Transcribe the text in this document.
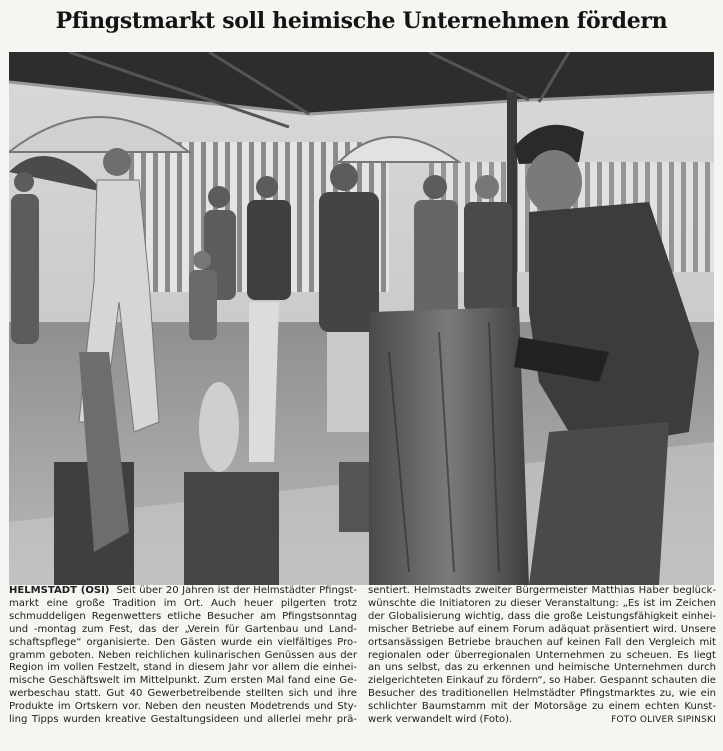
Pfingstmarkt soll heimische Unternehmen fördern
HELMSTADT (OSI) Seit über 20 Jahren ist der Helmstädter Pfingst-
markt eine große Tradition im Ort. Auch heuer pilgerten trotz
schmuddeligen Regenwetters etliche Besucher am Pfingstsonntag
und -montag zum Fest, das der „Verein für Gartenbau und Land-
schaftspflege“ organisierte. Den Gästen wurde ein vielfältiges Pro-
gramm geboten. Neben reichlichen kulinarischen Genüssen aus der
Region im vollen Festzelt, stand in diesem Jahr vor allem die einhei-
mische Geschäftswelt im Mittelpunkt. Zum ersten Mal fand eine Ge-
werbeschau statt. Gut 40 Gewerbetreibende stellten sich und ihre
Produkte im Ortskern vor. Neben den neusten Modetrends und Sty-
ling Tipps wurden kreative Gestaltungsideen und allerlei mehr prä-
sentiert. Helmstadts zweiter Bürgermeister Matthias Haber beglück-
wünschte die Initiatoren zu dieser Veranstaltung: „Es ist im Zeichen
der Globalisierung wichtig, dass die große Leistungsfähigkeit einhei-
mischer Betriebe auf einem Forum adäquat präsentiert wird. Unsere
ortsansässigen Betriebe brauchen auf keinen Fall den Vergleich mit
regionalen oder überregionalen Unternehmen zu scheuen. Es liegt
an uns selbst, das zu erkennen und heimische Unternehmen durch
zielgerichteten Einkauf zu fördern“, so Haber. Gespannt schauten die
Besucher des traditionellen Helmstädter Pfingstmarktes zu, wie ein
schlichter Baumstamm mit der Motorsäge zu einem echten Kunst-
werk verwandelt wird (Foto).	FOTO OLIVER SIPINSKI
